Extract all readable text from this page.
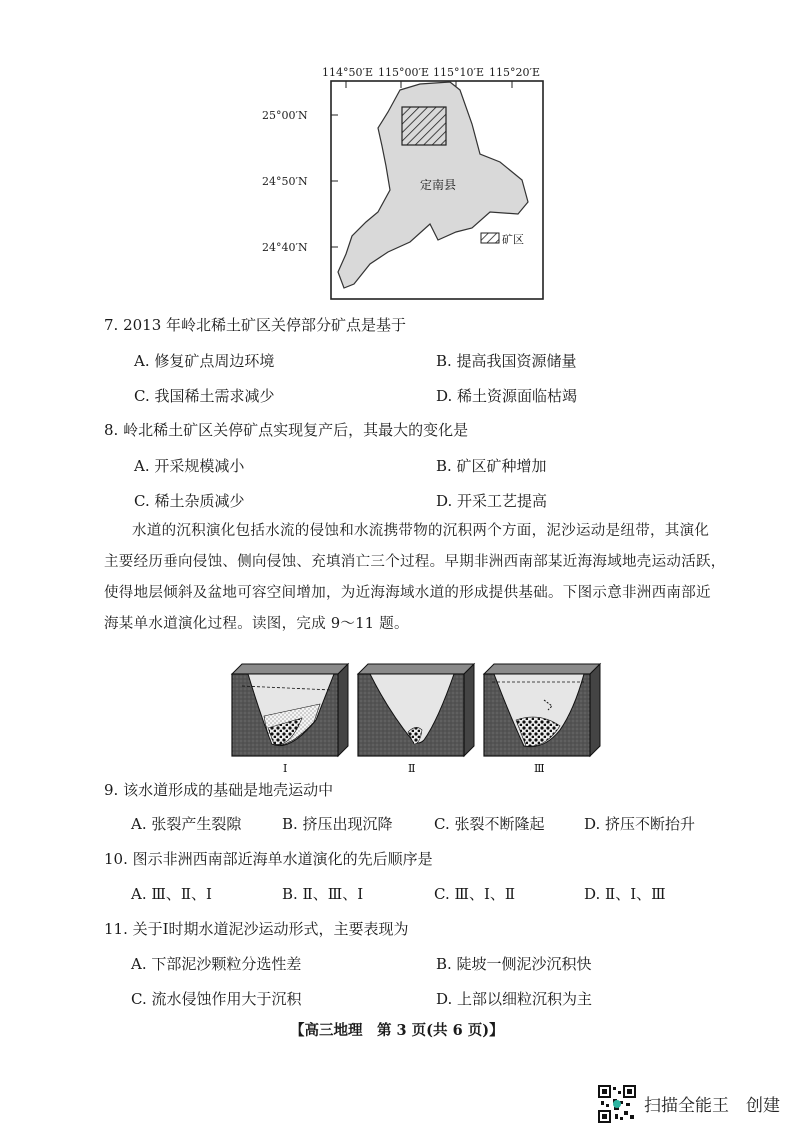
114°50′E 115°00′E 115°10′E 115°20′E
25°00′N
24°50′N
24°40′N
定南县
矿区
7. 2013 年岭北稀土矿区关停部分矿点是基于
A. 修复矿点周边环境	B. 提高我国资源储量
C. 我国稀土需求减少	D. 稀土资源面临枯竭
8. 岭北稀土矿区关停矿点实现复产后，其最大的变化是
A. 开采规模减小	B. 矿区矿种增加
C. 稀土杂质减少	D. 开采工艺提高
水道的沉积演化包括水流的侵蚀和水流携带物的沉积两个方面，泥沙运动是纽带，其演化
主要经历垂向侵蚀、侧向侵蚀、充填消亡三个过程。早期非洲西南部某近海海域地壳运动活跃，
使得地层倾斜及盆地可容空间增加，为近海海域水道的形成提供基础。下图示意非洲西南部近
海某单水道演化过程。读图，完成 9～11 题。
Ⅰ	Ⅱ	Ⅲ
9. 该水道形成的基础是地壳运动中
A. 张裂产生裂隙	B. 挤压出现沉降	C. 张裂不断隆起	D. 挤压不断抬升
10. 图示非洲西南部近海单水道演化的先后顺序是
A. Ⅲ、Ⅱ、Ⅰ	B. Ⅱ、Ⅲ、Ⅰ	C. Ⅲ、Ⅰ、Ⅱ	D. Ⅱ、Ⅰ、Ⅲ
11. 关于Ⅰ时期水道泥沙运动形式，主要表现为
A. 下部泥沙颗粒分选性差	B. 陡坡一侧泥沙沉积快
C. 流水侵蚀作用大于沉积	D. 上部以细粒沉积为主
【高三地理　第 3 页(共 6 页)】
扫描全能王　创建
